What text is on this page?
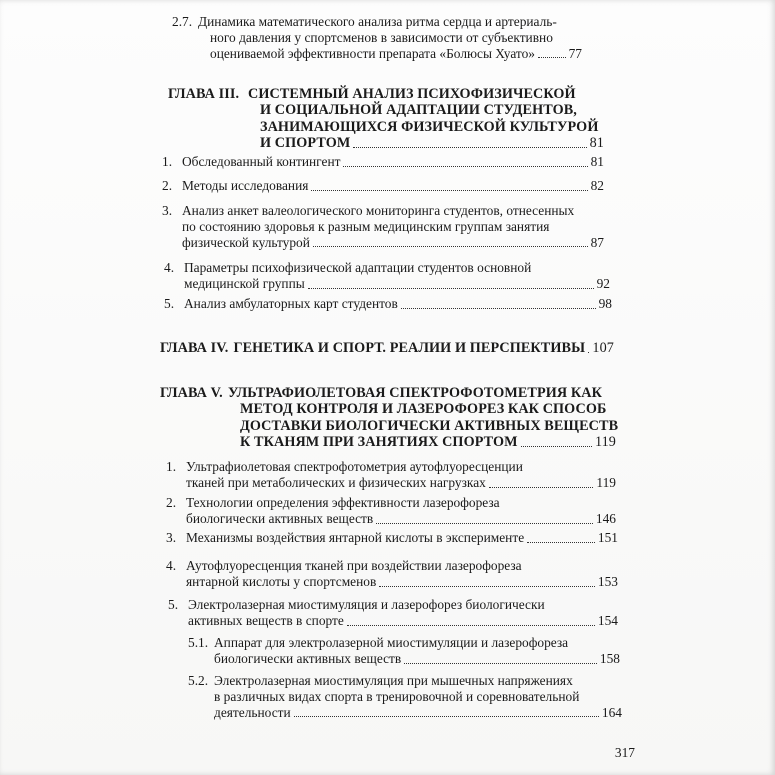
2.7. Динамика математического анализа ритма сердца и артериаль-
ного давления у спортсменов в зависимости от субъективно
оцениваемой эффективности препарата «Болюсы Хуато»	77
ГЛАВА III. СИСТЕМНЫЙ АНАЛИЗ ПСИХОФИЗИЧЕСКОЙ
И СОЦИАЛЬНОЙ АДАПТАЦИИ СТУДЕНТОВ,
ЗАНИМАЮЩИХСЯ ФИЗИЧЕСКОЙ КУЛЬТУРОЙ
И СПОРТОМ	81
1. Обследованный контингент	81
2. Методы исследования	82
3. Анализ анкет валеологического мониторинга студентов, отнесенных
по состоянию здоровья к разным медицинским группам занятия
физической культурой	87
4. Параметры психофизической адаптации студентов основной
медицинской группы	92
5. Анализ амбулаторных карт студентов	98
ГЛАВА IV. ГЕНЕТИКА И СПОРТ. РЕАЛИИ И ПЕРСПЕКТИВЫ 107
ГЛАВА V. УЛЬТРАФИОЛЕТОВАЯ СПЕКТРОФОТОМЕТРИЯ КАК
МЕТОД КОНТРОЛЯ И ЛАЗЕРОФОРЕЗ КАК СПОСОБ
ДОСТАВКИ БИОЛОГИЧЕСКИ АКТИВНЫХ ВЕЩЕСТВ
К ТКАНЯМ ПРИ ЗАНЯТИЯХ СПОРТОМ	119
1. Ультрафиолетовая спектрофотометрия аутофлуоресценции
тканей при метаболических и физических нагрузках	119
2. Технологии определения эффективности лазерофореза
биологически активных веществ	146
3. Механизмы воздействия янтарной кислоты в эксперименте	151
4. Аутофлуоресценция тканей при воздействии лазерофореза
янтарной кислоты у спортсменов	153
5. Электролазерная миостимуляция и лазерофорез биологически
активных веществ в спорте	154
5.1. Аппарат для электролазерной миостимуляции и лазерофореза
биологически активных веществ	158
5.2. Электролазерная миостимуляция при мышечных напряжениях
в различных видах спорта в тренировочной и соревновательной
деятельности	164
317
